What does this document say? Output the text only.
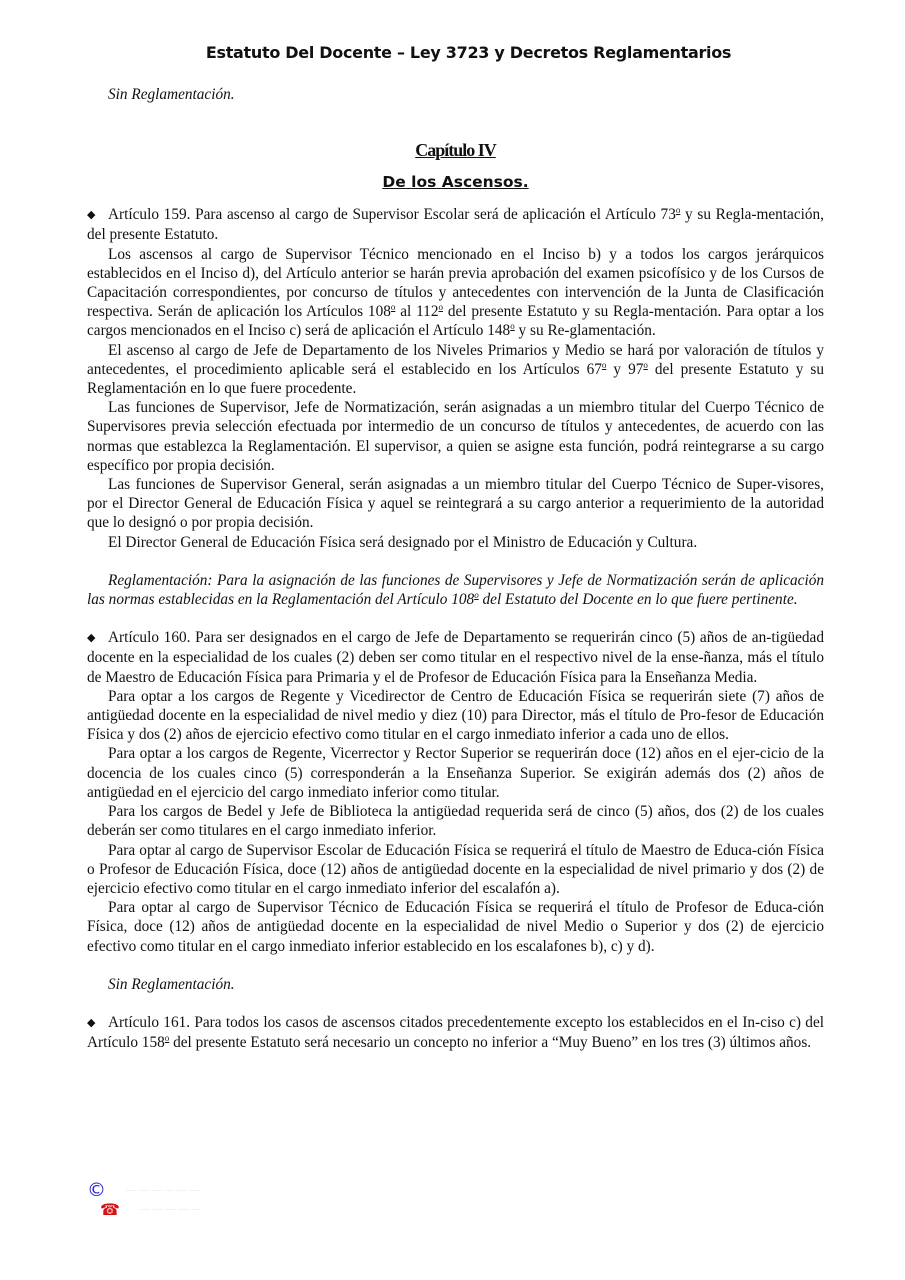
Estatuto Del Docente – Ley 3723 y Decretos Reglamentarios

Sin Reglamentación.

Capítulo IV
De los Ascensos.

◆ Artículo 159. Para ascenso al cargo de Supervisor Escolar será de aplicación el Artículo 73$^o$ y su Regla-mentación, del presente Estatuto.

Los ascensos al cargo de Supervisor Técnico mencionado en el Inciso b) y a todos los cargos jerárquicos establecidos en el Inciso d), del Artículo anterior se harán previa aprobación del examen psicofísico y de los Cursos de Capacitación correspondientes, por concurso de títulos y antecedentes con intervención de la Junta de Clasificación respectiva. Serán de aplicación los Artículos 108$^o$ al 112$^o$ del presente Estatuto y su Regla-mentación. Para optar a los cargos mencionados en el Inciso c) será de aplicación el Artículo 148$^o$ y su Re-glamentación.

El ascenso al cargo de Jefe de Departamento de los Niveles Primarios y Medio se hará por valoración de títulos y antecedentes, el procedimiento aplicable será el establecido en los Artículos 67$^o$ y 97$^o$ del presente Estatuto y su Reglamentación en lo que fuere procedente.

Las funciones de Supervisor, Jefe de Normatización, serán asignadas a un miembro titular del Cuerpo Técnico de Supervisores previa selección efectuada por intermedio de un concurso de títulos y antecedentes, de acuerdo con las normas que establezca la Reglamentación. El supervisor, a quien se asigne esta función, podrá reintegrarse a su cargo específico por propia decisión.

Las funciones de Supervisor General, serán asignadas a un miembro titular del Cuerpo Técnico de Super-visores, por el Director General de Educación Física y aquel se reintegrará a su cargo anterior a requerimiento de la autoridad que lo designó o por propia decisión.

El Director General de Educación Física será designado por el Ministro de Educación y Cultura.

Reglamentación: Para la asignación de las funciones de Supervisores y Jefe de Normatización serán de aplicación las normas establecidas en la Reglamentación del Artículo 108$^o$ del Estatuto del Docente en lo que fuere pertinente.

◆ Artículo 160. Para ser designados en el cargo de Jefe de Departamento se requerirán cinco (5) años de an-tigüedad docente en la especialidad de los cuales (2) deben ser como titular en el respectivo nivel de la ense-ñanza, más el título de Maestro de Educación Física para Primaria y el de Profesor de Educación Física para la Enseñanza Media.

Para optar a los cargos de Regente y Vicedirector de Centro de Educación Física se requerirán siete (7) años de antigüedad docente en la especialidad de nivel medio y diez (10) para Director, más el título de Pro-fesor de Educación Física y dos (2) años de ejercicio efectivo como titular en el cargo inmediato inferior a cada uno de ellos.

Para optar a los cargos de Regente, Vicerrector y Rector Superior se requerirán doce (12) años en el ejer-cicio de la docencia de los cuales cinco (5) corresponderán a la Enseñanza Superior. Se exigirán además dos (2) años de antigüedad en el ejercicio del cargo inmediato inferior como titular.

Para los cargos de Bedel y Jefe de Biblioteca la antigüedad requerida será de cinco (5) años, dos (2) de los cuales deberán ser como titulares en el cargo inmediato inferior.

Para optar al cargo de Supervisor Escolar de Educación Física se requerirá el título de Maestro de Educa-ción Física o Profesor de Educación Física, doce (12) años de antigüedad docente en la especialidad de nivel primario y dos (2) de ejercicio efectivo como titular en el cargo inmediato inferior del escalafón a).

Para optar al cargo de Supervisor Técnico de Educación Física se requerirá el título de Profesor de Educa-ción Física, doce (12) años de antigüedad docente en la especialidad de nivel Medio o Superior y dos (2) de ejercicio efectivo como titular en el cargo inmediato inferior establecido en los escalafones b), c) y d).

Sin Reglamentación.

◆ Artículo 161. Para todos los casos de ascensos citados precedentemente excepto los establecidos en el In-ciso c) del Artículo 158$^o$ del presente Estatuto será necesario un concepto no inferior a “Muy Bueno” en los tres (3) últimos años.

© — — — — — —
☎ — — — — —
